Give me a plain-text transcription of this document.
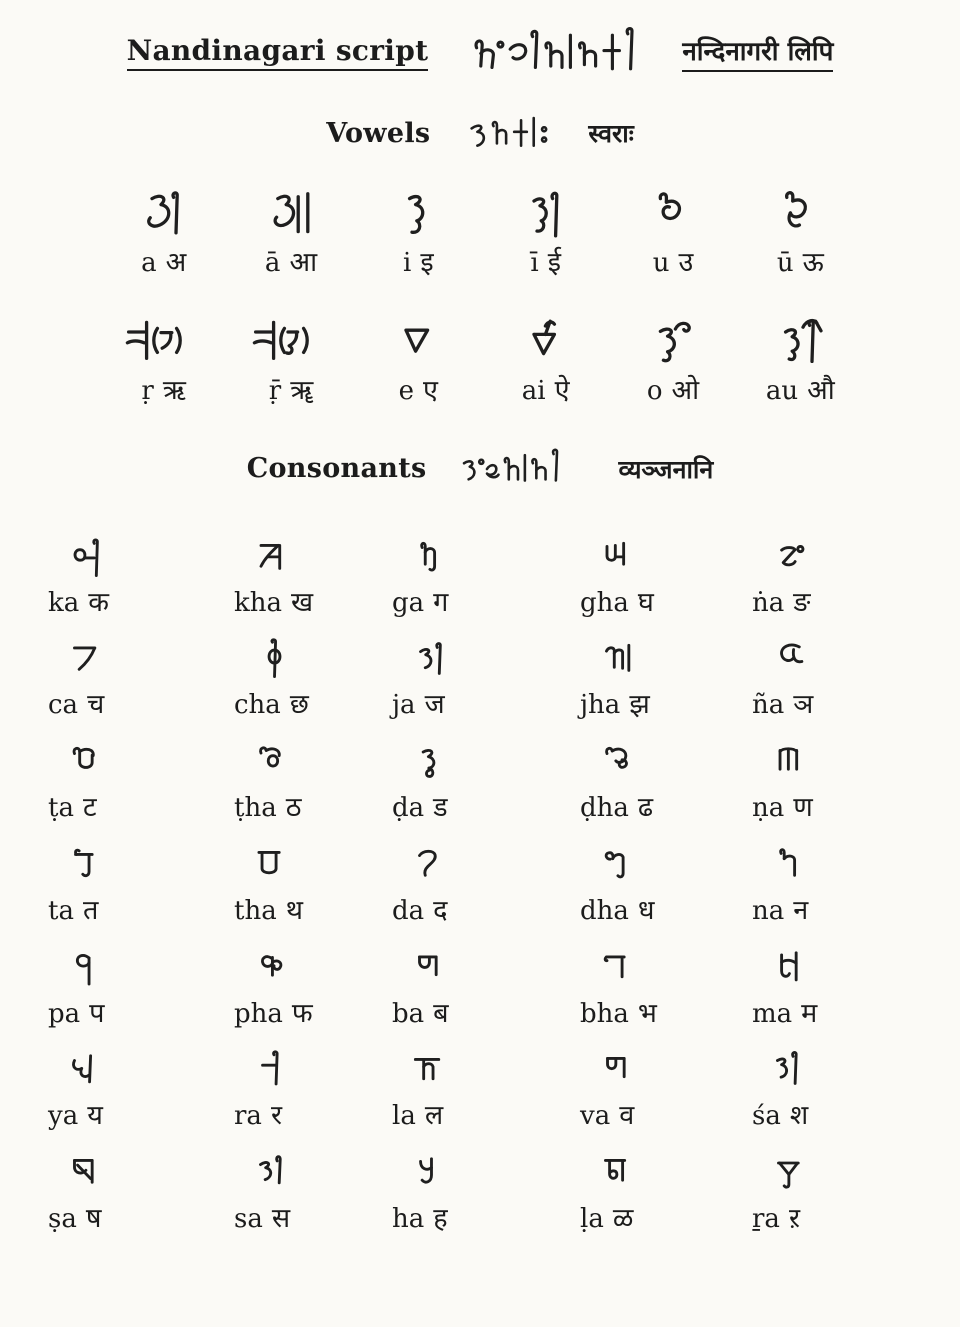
Nandinagari script	नन्दिनागरी लिपि
Vowels	स्वराः
a अ	ā आ	i इ	ī ई	u उ	ū ऊ
ṛ ऋ	ṝ ॠ	e ए	ai ऐ	o ओ	au औ
Consonants	व्यञ्जनानि
ka क	kha ख	ga ग	gha घ	ṅa ङ
ca च	cha छ	ja ज	jha झ	ña ञ
ṭa ट	ṭha ठ	ḍa ड	ḍha ढ	ṇa ण
ta त	tha थ	da द	dha ध	na न
pa प	pha फ	ba ब	bha भ	ma म
ya य	ra र	la ल	va व	śa श
ṣa ष	sa स	ha ह	ḷa ळ	ṟa ऱ
